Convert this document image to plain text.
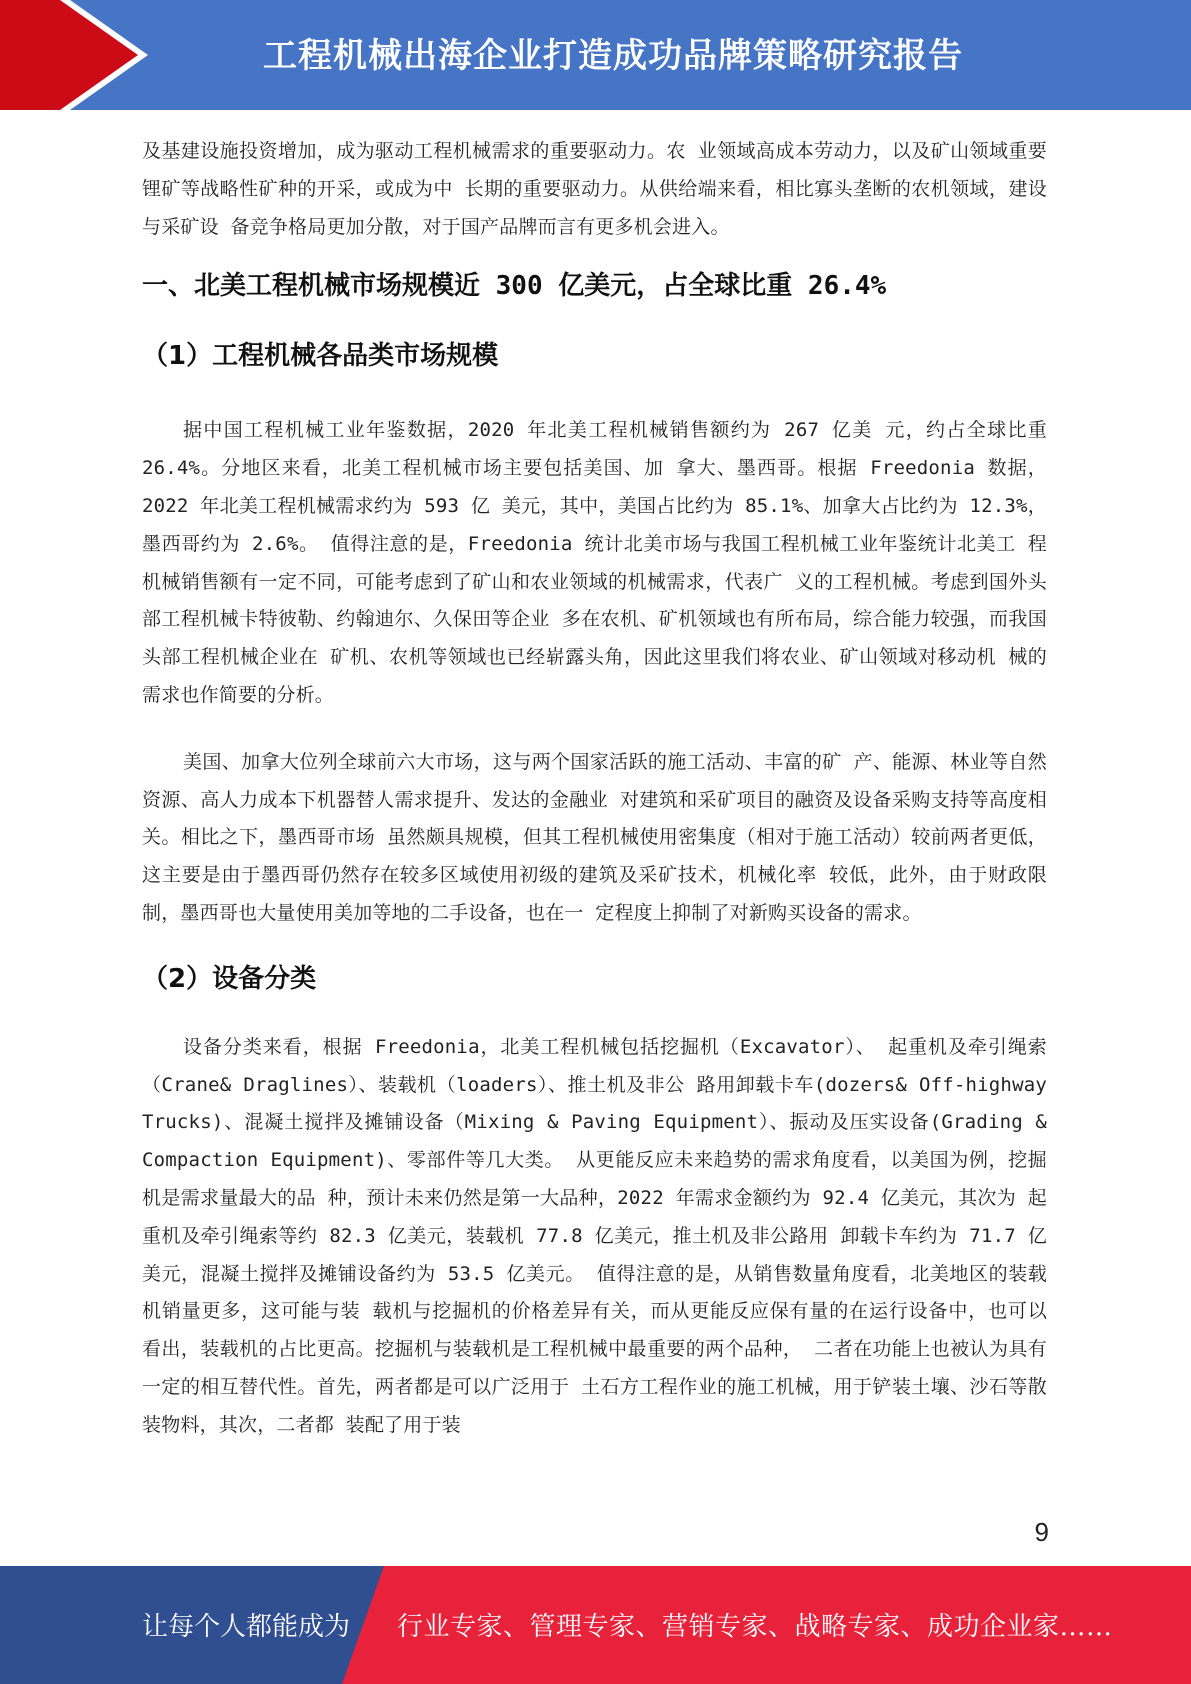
工程机械出海企业打造成功品牌策略研究报告

及基建设施投资增加，成为驱动工程机械需求的重要驱动力。农 业领域高成本劳动力，以及矿山领域重要锂矿等战略性矿种的开采，或成为中 长期的重要驱动力。从供给端来看，相比寡头垄断的农机领域，建设与采矿设 备竞争格局更加分散，对于国产品牌而言有更多机会进入。

一、北美工程机械市场规模近 300 亿美元，占全球比重 26.4%
（1）工程机械各品类市场规模

据中国工程机械工业年鉴数据，2020 年北美工程机械销售额约为 267 亿美 元，约占全球比重 26.4%。分地区来看，北美工程机械市场主要包括美国、加 拿大、墨西哥。根据 Freedonia 数据，2022 年北美工程机械需求约为 593 亿 美元，其中，美国占比约为 85.1%、加拿大占比约为 12.3%，墨西哥约为 2.6%。 值得注意的是，Freedonia 统计北美市场与我国工程机械工业年鉴统计北美工 程机械销售额有一定不同，可能考虑到了矿山和农业领域的机械需求，代表广 义的工程机械。考虑到国外头部工程机械卡特彼勒、约翰迪尔、久保田等企业 多在农机、矿机领域也有所布局，综合能力较强，而我国头部工程机械企业在 矿机、农机等领域也已经崭露头角，因此这里我们将农业、矿山领域对移动机 械的需求也作简要的分析。

美国、加拿大位列全球前六大市场，这与两个国家活跃的施工活动、丰富的矿 产、能源、林业等自然资源、高人力成本下机器替人需求提升、发达的金融业 对建筑和采矿项目的融资及设备采购支持等高度相关。相比之下，墨西哥市场 虽然颇具规模，但其工程机械使用密集度（相对于施工活动）较前两者更低， 这主要是由于墨西哥仍然存在较多区域使用初级的建筑及采矿技术，机械化率 较低，此外，由于财政限制，墨西哥也大量使用美加等地的二手设备，也在一 定程度上抑制了对新购买设备的需求。

（2）设备分类

设备分类来看，根据 Freedonia，北美工程机械包括挖掘机（Excavator）、 起重机及牵引绳索（Crane& Draglines）、装载机（loaders）、推土机及非公 路用卸载卡车(dozers& Off-highway Trucks)、混凝土搅拌及摊铺设备（Mixing & Paving Equipment）、振动及压实设备(Grading & Compaction Equipment)、零部件等几大类。 从更能反应未来趋势的需求角度看，以美国为例，挖掘机是需求量最大的品 种，预计未来仍然是第一大品种，2022 年需求金额约为 92.4 亿美元，其次为 起重机及牵引绳索等约 82.3 亿美元，装载机 77.8 亿美元，推土机及非公路用 卸载卡车约为 71.7 亿美元，混凝土搅拌及摊铺设备约为 53.5 亿美元。 值得注意的是，从销售数量角度看，北美地区的装载机销量更多，这可能与装 载机与挖掘机的价格差异有关，而从更能反应保有量的在运行设备中，也可以 看出，装载机的占比更高。挖掘机与装载机是工程机械中最重要的两个品种， 二者在功能上也被认为具有一定的相互替代性。首先，两者都是可以广泛用于 土石方工程作业的施工机械，用于铲装土壤、沙石等散装物料，其次，二者都 装配了用于装

9
让每个人都能成为 行业专家、管理专家、营销专家、战略专家、成功企业家……
